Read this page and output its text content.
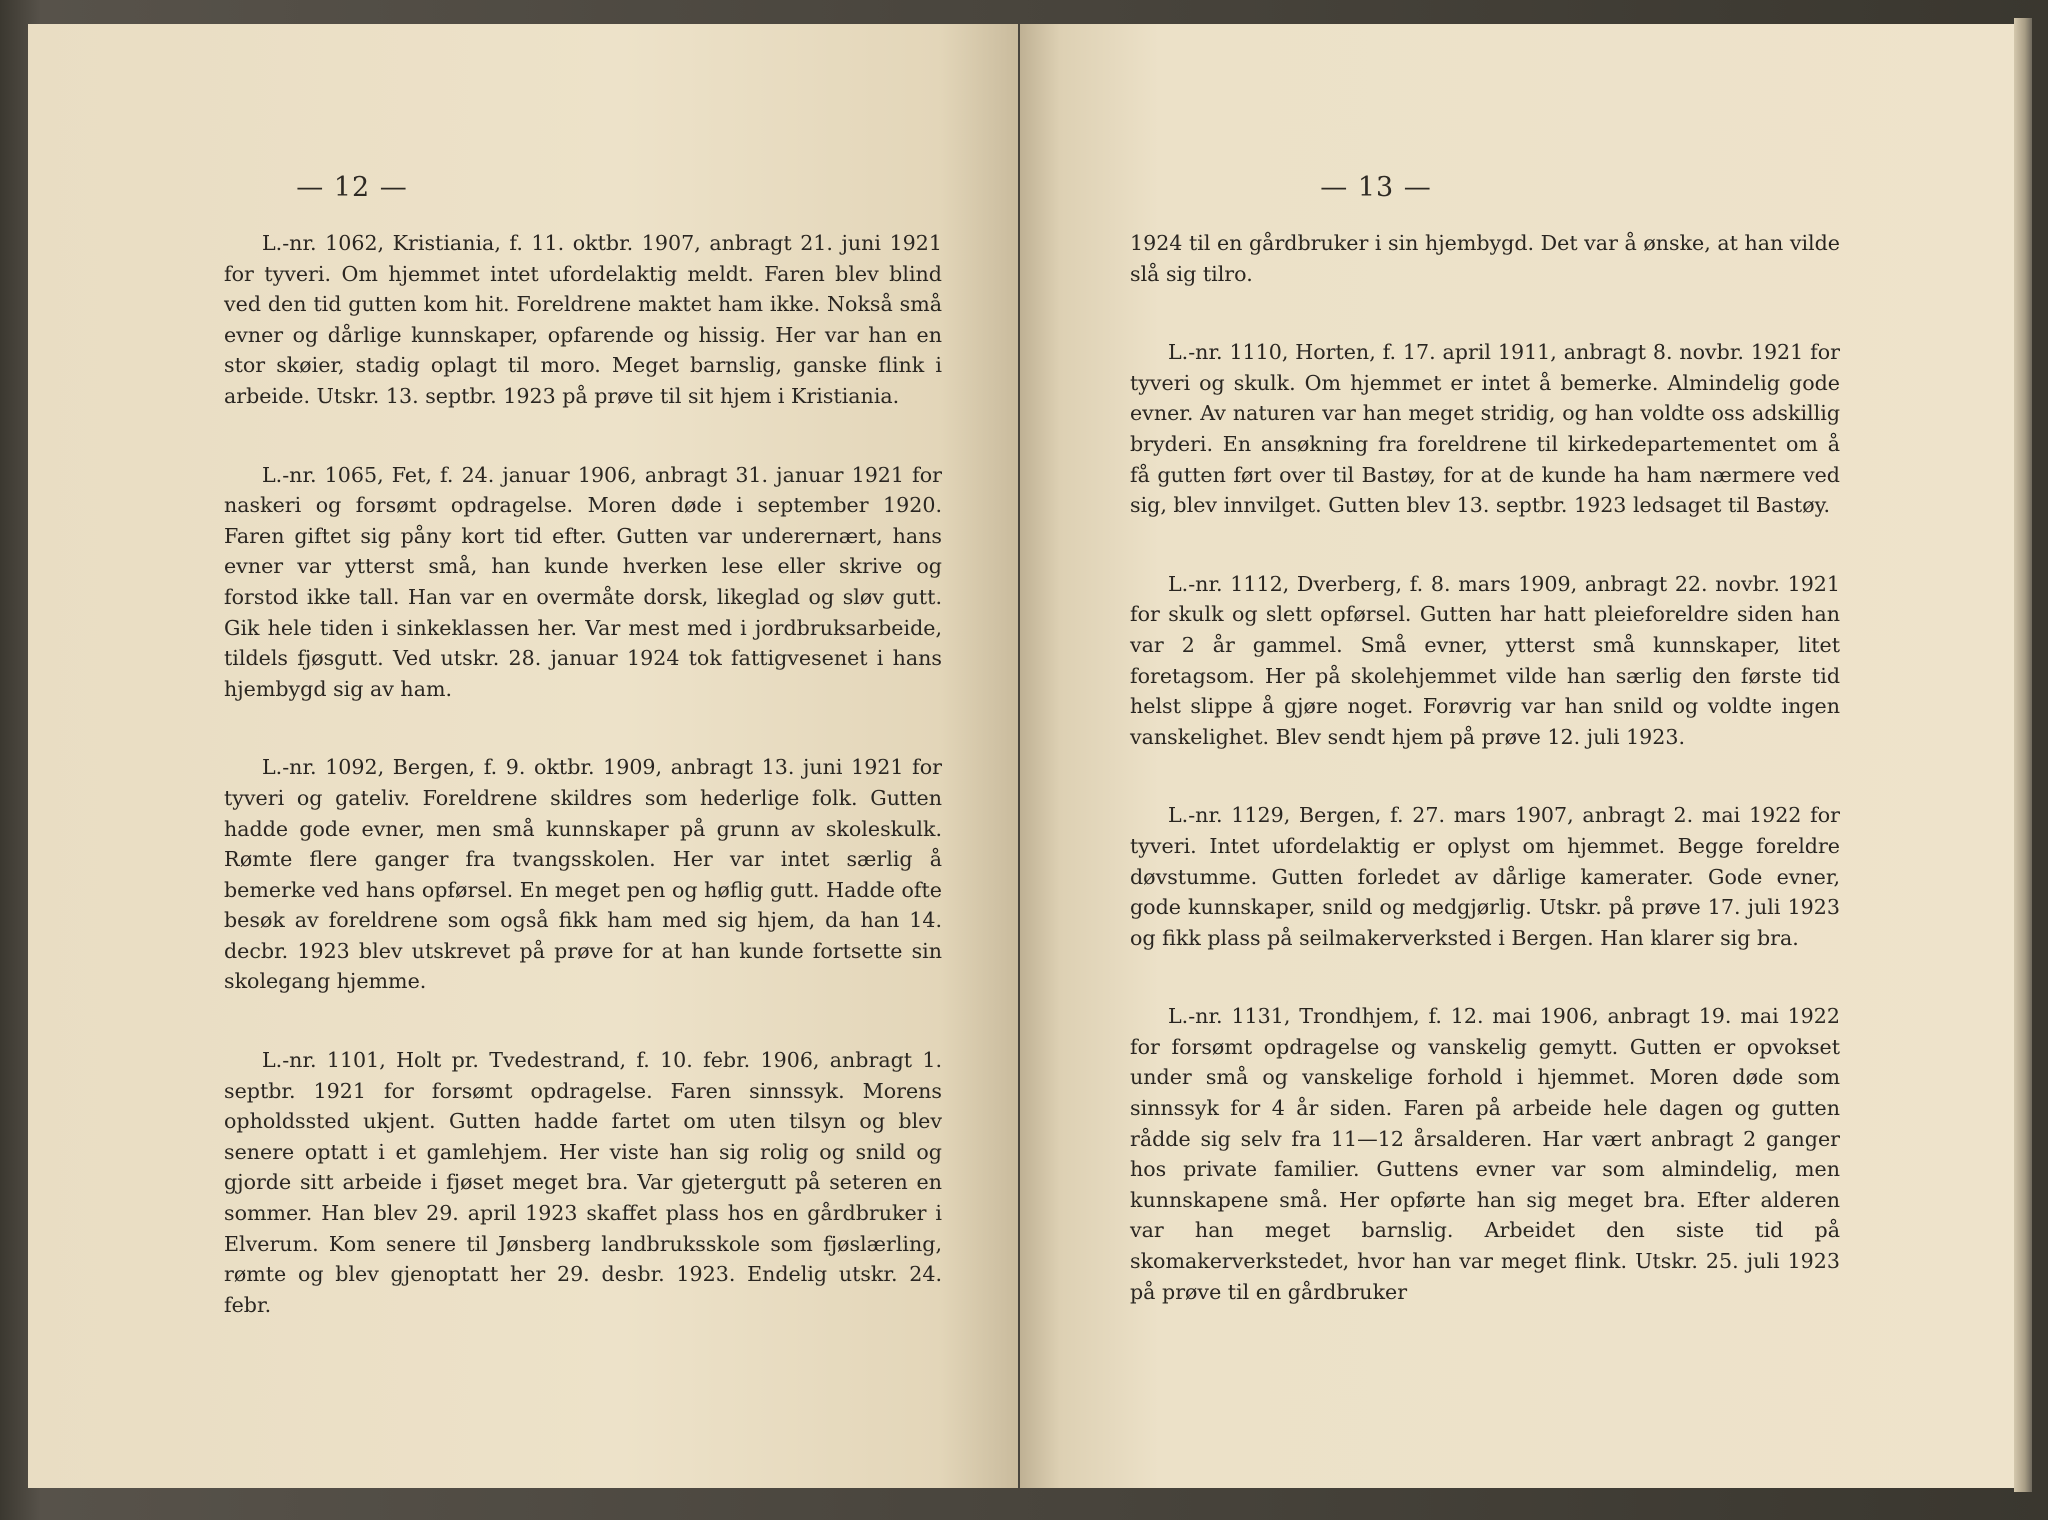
— 12 —

L.-nr. 1062, Kristiania, f. 11. oktbr. 1907, anbragt 21. juni 1921 for tyveri. Om hjemmet intet ufordelaktig meldt. Faren blev blind ved den tid gutten kom hit. Foreldrene maktet ham ikke. Nokså små evner og dårlige kunnskaper, opfarende og hissig. Her var han en stor skøier, stadig oplagt til moro. Meget barnslig, ganske flink i arbeide. Utskr. 13. septbr. 1923 på prøve til sit hjem i Kristiania.

L.-nr. 1065, Fet, f. 24. januar 1906, anbragt 31. januar 1921 for naskeri og forsømt opdragelse. Moren døde i september 1920. Faren giftet sig pånу kort tid efter. Gutten var underernært, hans evner var ytterst små, han kunde hverken lese eller skrive og forstod ikke tall. Han var en overmåte dorsk, likeglad og sløv gutt. Gik hele tiden i sinkeklassen her. Var mest med i jordbruksarbeide, tildels fjøsgutt. Ved utskr. 28. januar 1924 tok fattigvesenet i hans hjembygd sig av ham.

L.-nr. 1092, Bergen, f. 9. oktbr. 1909, anbragt 13. juni 1921 for tyveri og gateliv. Foreldrene skildres som hederlige folk. Gutten hadde gode evner, men små kunnskaper på grunn av skoleskulk. Rømte flere ganger fra tvangsskolen. Her var intet særlig å bemerke ved hans opførsel. En meget pen og høflig gutt. Hadde ofte besøk av foreldrene som også fikk ham med sig hjem, da han 14. decbr. 1923 blev utskrevet på prøve for at han kunde fortsette sin skolegang hjemme.

L.-nr. 1101, Holt pr. Tvedestrand, f. 10. febr. 1906, anbragt 1. septbr. 1921 for forsømt opdragelse. Faren sinnssyk. Morens opholdssted ukjent. Gutten hadde fartet om uten tilsyn og blev senere optatt i et gamlehjem. Her viste han sig rolig og snild og gjorde sitt arbeide i fjøset meget bra. Var gjetergutt på seteren en sommer. Han blev 29. april 1923 skaffet plass hos en gårdbruker i Elverum. Kom senere til Jønsberg landbruksskole som fjøslærling, rømte og blev gjenoptatt her 29. desbr. 1923. Endelig utskr. 24. febr.

— 13 —

1924 til en gårdbruker i sin hjembygd. Det var å ønske, at han vilde slå sig tilro.

L.-nr. 1110, Horten, f. 17. april 1911, anbragt 8. novbr. 1921 for tyveri og skulk. Om hjemmet er intet å bemerke. Almindelig gode evner. Av naturen var han meget stridig, og han voldte oss adskillig bryderi. En ansøkning fra foreldrene til kirkedepartementet om å få gutten ført over til Bastøy, for at de kunde ha ham nærmere ved sig, blev innvilget. Gutten blev 13. septbr. 1923 ledsaget til Bastøy.

L.-nr. 1112, Dverberg, f. 8. mars 1909, anbragt 22. novbr. 1921 for skulk og slett opførsel. Gutten har hatt pleieforeldre siden han var 2 år gammel. Små evner, ytterst små kunnskaper, litet foretagsom. Her på skolehjemmet vilde han særlig den første tid helst slippe å gjøre noget. Forøvrig var han snild og voldte ingen vanskelighet. Blev sendt hjem på prøve 12. juli 1923.

L.-nr. 1129, Bergen, f. 27. mars 1907, anbragt 2. mai 1922 for tyveri. Intet ufordelaktig er oplyst om hjemmet. Begge foreldre døvstumme. Gutten forledet av dårlige kamerater. Gode evner, gode kunnskaper, snild og medgjørlig. Utskr. på prøve 17. juli 1923 og fikk plass på seilmakerverksted i Bergen. Han klarer sig bra.

L.-nr. 1131, Trondhjem, f. 12. mai 1906, anbragt 19. mai 1922 for forsømt opdragelse og vanskelig gemytt. Gutten er opvokset under små og vanskelige forhold i hjemmet. Moren døde som sinnssyk for 4 år siden. Faren på arbeide hele dagen og gutten rådde sig selv fra 11—12 årsalderen. Har vært anbragt 2 ganger hos private familier. Guttens evner var som almindelig, men kunnskapene små. Her opførte han sig meget bra. Efter alderen var han meget barnslig. Arbeidet den siste tid på skomakerverkstedet, hvor han var meget flink. Utskr. 25. juli 1923 på prøve til en gårdbruker
